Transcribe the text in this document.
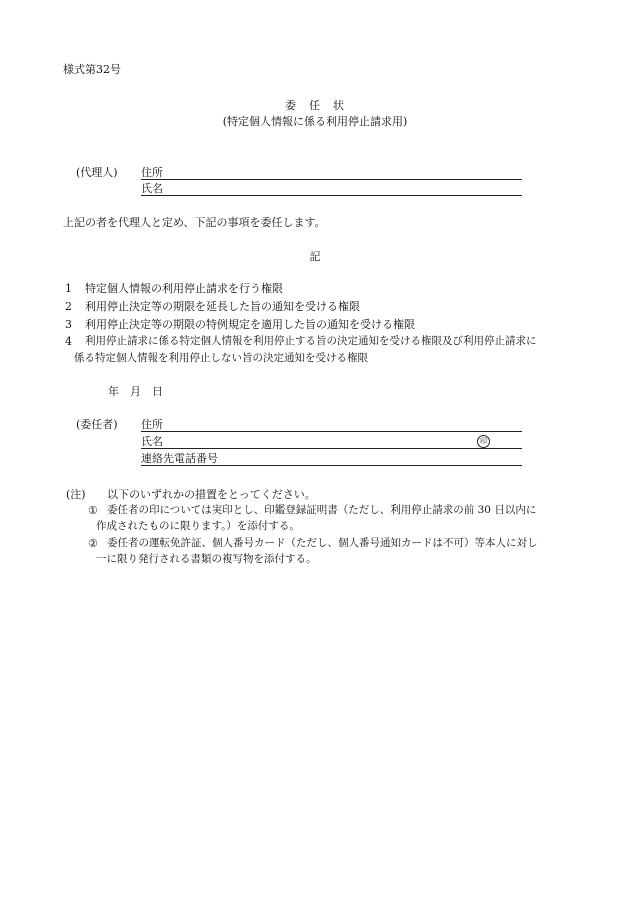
様式第32号
委　任　状
(特定個人情報に係る利用停止請求用)
(代理人) 住所
氏名
上記の者を代理人と定め、下記の事項を委任します。
記
1 特定個人情報の利用停止請求を行う権限
2 利用停止決定等の期限を延長した旨の通知を受ける権限
3 利用停止決定等の期限の特例規定を適用した旨の通知を受ける権限
4 利用停止請求に係る特定個人情報を利用停止する旨の決定通知を受ける権限及び利用停止請求に
係る特定個人情報を利用停止しない旨の決定通知を受ける権限
年　月　日
(委任者) 住所
氏名	印
連絡先電話番号
(注) 以下のいずれかの措置をとってください。
① 委任者の印については実印とし、印鑑登録証明書（ただし、利用停止請求の前 30 日以内に
作成されたものに限ります。）を添付する。
② 委任者の運転免許証、個人番号カード（ただし、個人番号通知カードは不可）等本人に対し
一に限り発行される書類の複写物を添付する。
